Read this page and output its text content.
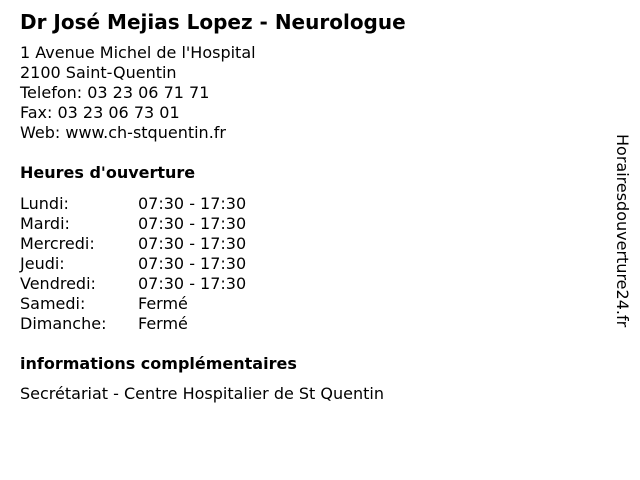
Dr José Mejias Lopez - Neurologue
1 Avenue Michel de l'Hospital
2100 Saint-Quentin
Telefon: 03 23 06 71 71
Fax: 03 23 06 73 01
Web: www.ch-stquentin.fr
Heures d'ouverture
Lundi:	07:30 - 17:30
Mardi:	07:30 - 17:30
Mercredi:	07:30 - 17:30
Jeudi:	07:30 - 17:30
Vendredi:	07:30 - 17:30
Samedi:	Fermé
Dimanche:	Fermé
informations complémentaires
Secrétariat - Centre Hospitalier de St Quentin
Horairesdouverture24.fr
